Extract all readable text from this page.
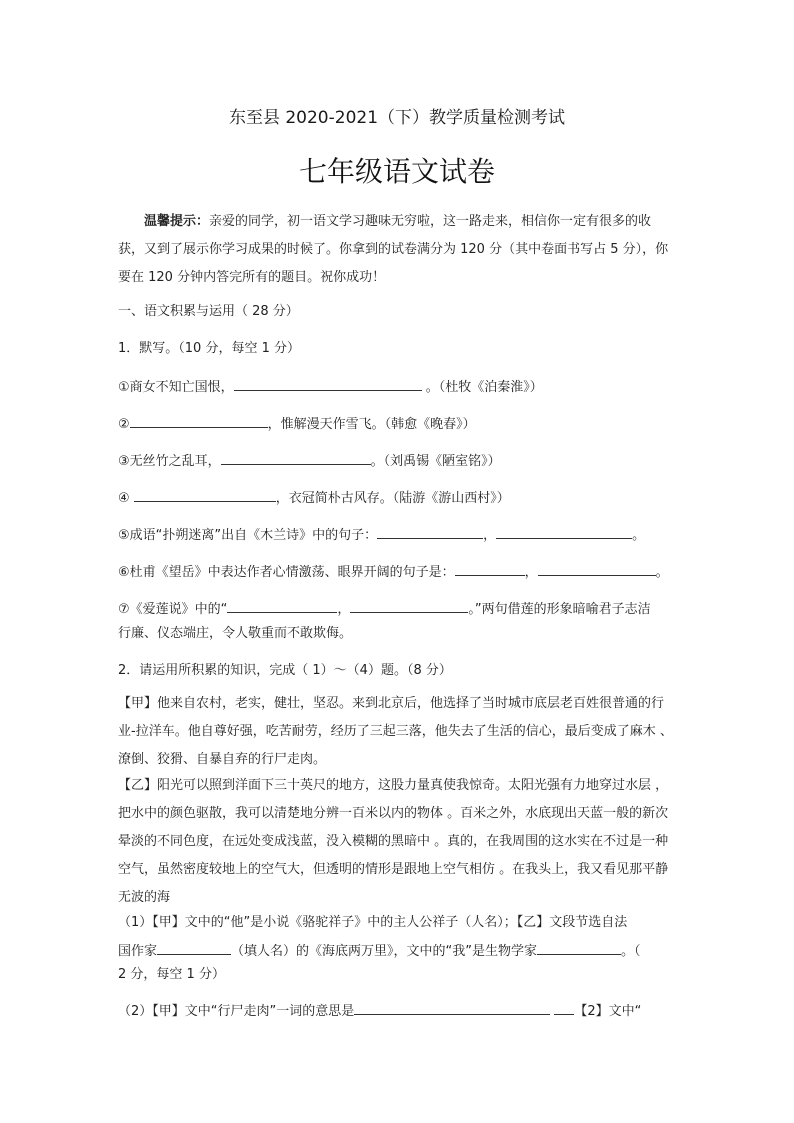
东至县 2020-2021（下）教学质量检测考试
七年级语文试卷

温馨提示：亲爱的同学，初一语文学习趣味无穷啦，这一路走来，相信你一定有很多的收获，又到了展示你学习成果的时候了。你拿到的试卷满分为 120 分（其中卷面书写占 5 分），你要在 120 分钟内答完所有的题目。祝你成功！

一、语文积累与运用（ 28 分）

1．默写。（10 分，每空 1 分）

①商女不知亡国恨，	。（杜牧《泊秦淮》）

②	，惟解漫天作雪飞。（韩愈《晚春》）

③无丝竹之乱耳，	。（刘禹锡《陋室铭》）

④	，衣冠简朴古风存。（陆游《游山西村》）

⑤成语“扑朔迷离”出自《木兰诗》中的句子：	，	。

⑥杜甫《望岳》中表达作者心情激荡、眼界开阔的句子是：	，	。

⑦《爱莲说》中的“	，	。”两句借莲的形象暗喻君子志洁

行廉、仪态端庄，令人敬重而不敢欺侮。

2．请运用所积累的知识，完成（ 1）～（4）题。（8 分）

【甲】他来自农村，老实，健壮，坚忍。来到北京后，他选择了当时城市底层老百姓很普通的行业-拉洋车。他自尊好强，吃苦耐劳，经历了三起三落，他失去了生活的信心，最后变成了麻木 、潦倒、狡猾、自暴自弃的行尸走肉。

【乙】阳光可以照到洋面下三十英尺的地方，这股力量真使我惊奇。太阳光强有力地穿过水层 ，把水中的颜色驱散，我可以清楚地分辨一百米以内的物体 。百米之外，水底现出天蓝一般的新次晕淡的不同色度，在远处变成浅蓝，没入模糊的黑暗中 。真的，在我周围的这水实在不过是一种空气，虽然密度较地上的空气大，但透明的情形是跟地上空气相仿 。在我头上，我又看见那平静无波的海

（1）【甲】文中的“他”是小说《骆驼祥子》中的主人公祥子（人名）；【乙】文段节选自法

国作家	（填人名）的《海底两万里》，文中的“我”是生物学家	。（

2 分，每空 1 分）

（2）【甲】文中“行尸走肉”一词的意思是	【2】文中“
